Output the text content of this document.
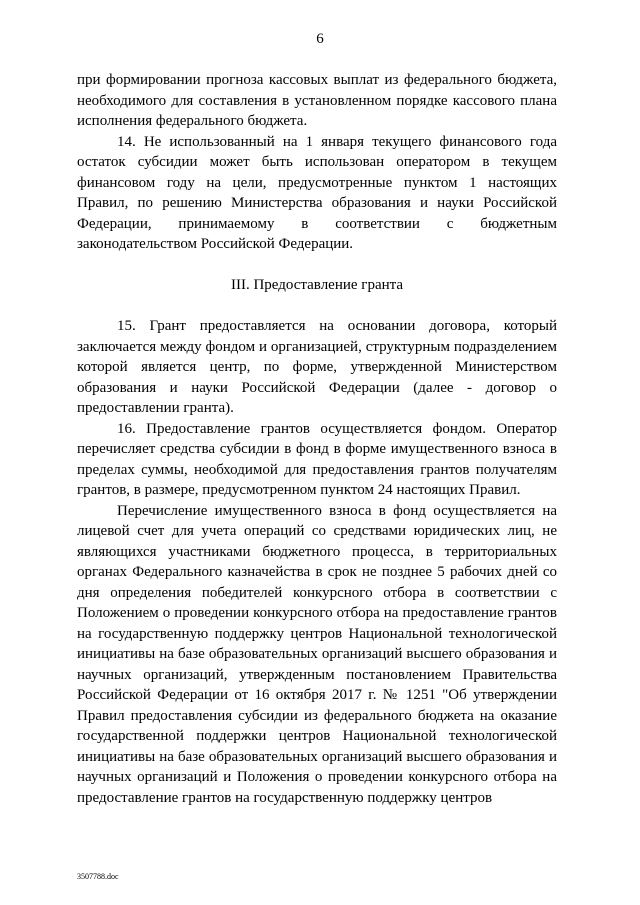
6

при формировании прогноза кассовых выплат из федерального бюджета, необходимого для составления в установленном порядке кассового плана исполнения федерального бюджета.

14. Не использованный на 1 января текущего финансового года остаток субсидии может быть использован оператором в текущем финансовом году на цели, предусмотренные пунктом 1 настоящих Правил, по решению Министерства образования и науки Российской Федерации, принимаемому в соответствии с бюджетным законодательством Российской Федерации.

III. Предоставление гранта

15. Грант предоставляется на основании договора, который заключается между фондом и организацией, структурным подразделением которой является центр, по форме, утвержденной Министерством образования и науки Российской Федерации (далее - договор о предоставлении гранта).

16. Предоставление грантов осуществляется фондом. Оператор перечисляет средства субсидии в фонд в форме имущественного взноса в пределах суммы, необходимой для предоставления грантов получателям грантов, в размере, предусмотренном пунктом 24 настоящих Правил.

Перечисление имущественного взноса в фонд осуществляется на лицевой счет для учета операций со средствами юридических лиц, не являющихся участниками бюджетного процесса, в территориальных органах Федерального казначейства в срок не позднее 5 рабочих дней со дня определения победителей конкурсного отбора в соответствии с Положением о проведении конкурсного отбора на предоставление грантов на государственную поддержку центров Национальной технологической инициативы на базе образовательных организаций высшего образования и научных организаций, утвержденным постановлением Правительства Российской Федерации от 16 октября 2017 г. № 1251 "Об утверждении Правил предоставления субсидии из федерального бюджета на оказание государственной поддержки центров Национальной технологической инициативы на базе образовательных организаций высшего образования и научных организаций и Положения о проведении конкурсного отбора на предоставление грантов на государственную поддержку центров

3507788.doc
